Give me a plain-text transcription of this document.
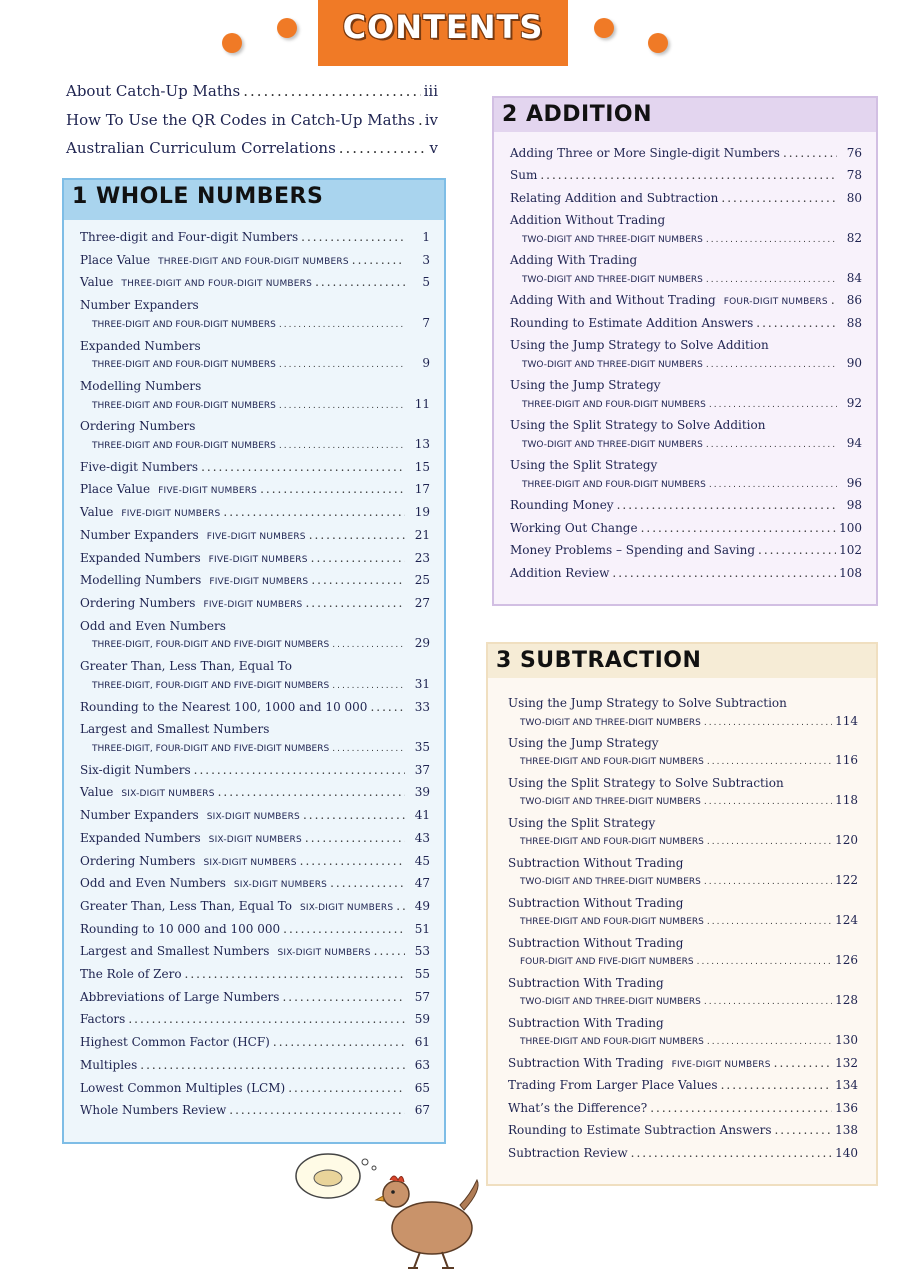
CONTENTS
About Catch-Up Maths .....	iii
How To Use the QR Codes in Catch-Up Maths ..... iv
Australian Curriculum Correlations .....	v
1 WHOLE NUMBERS
Three-digit and Four-digit Numbers .....	1
Place Value THREE-DIGIT AND FOUR-DIGIT NUMBERS .....	3
Value THREE-DIGIT AND FOUR-DIGIT NUMBERS .....	5
Number Expanders
THREE-DIGIT AND FOUR-DIGIT NUMBERS .....	7
Expanded Numbers
THREE-DIGIT AND FOUR-DIGIT NUMBERS .....	9
Modelling Numbers
THREE-DIGIT AND FOUR-DIGIT NUMBERS .....	11
Ordering Numbers
THREE-DIGIT AND FOUR-DIGIT NUMBERS .....	13
Five-digit Numbers .....	15
Place Value FIVE-DIGIT NUMBERS .....	17
Value FIVE-DIGIT NUMBERS .....	19
Number Expanders FIVE-DIGIT NUMBERS .....	21
Expanded Numbers FIVE-DIGIT NUMBERS .....	23
Modelling Numbers FIVE-DIGIT NUMBERS .....	25
Ordering Numbers FIVE-DIGIT NUMBERS .....	27
Odd and Even Numbers
THREE-DIGIT, FOUR-DIGIT AND FIVE-DIGIT NUMBERS .....	29
Greater Than, Less Than, Equal To
THREE-DIGIT, FOUR-DIGIT AND FIVE-DIGIT NUMBERS .....	31
Rounding to the Nearest 100, 1000 and 10 000 .....	33
Largest and Smallest Numbers
THREE-DIGIT, FOUR-DIGIT AND FIVE-DIGIT NUMBERS .....	35
Six-digit Numbers .....	37
Value SIX-DIGIT NUMBERS .....	39
Number Expanders SIX-DIGIT NUMBERS .....	41
Expanded Numbers SIX-DIGIT NUMBERS .....	43
Ordering Numbers SIX-DIGIT NUMBERS .....	45
Odd and Even Numbers SIX-DIGIT NUMBERS .....	47
Greater Than, Less Than, Equal To SIX-DIGIT NUMBERS .....	49
Rounding to 10 000 and 100 000 .....	51
Largest and Smallest Numbers SIX-DIGIT NUMBERS .....	53
The Role of Zero .....	55
Abbreviations of Large Numbers .....	57
Factors .....	59
Highest Common Factor (HCF) .....	61
Multiples .....	63
Lowest Common Multiples (LCM) .....	65
Whole Numbers Review .....	67
2 ADDITION
Adding Three or More Single-digit Numbers .....	76
Sum .....	78
Relating Addition and Subtraction .....	80
Addition Without Trading
TWO-DIGIT AND THREE-DIGIT NUMBERS .....	82
Adding With Trading
TWO-DIGIT AND THREE-DIGIT NUMBERS .....	84
Adding With and Without Trading FOUR-DIGIT NUMBERS .....	86
Rounding to Estimate Addition Answers .....	88
Using the Jump Strategy to Solve Addition
TWO-DIGIT AND THREE-DIGIT NUMBERS .....	90
Using the Jump Strategy
THREE-DIGIT AND FOUR-DIGIT NUMBERS .....	92
Using the Split Strategy to Solve Addition
TWO-DIGIT AND THREE-DIGIT NUMBERS .....	94
Using the Split Strategy
THREE-DIGIT AND FOUR-DIGIT NUMBERS .....	96
Rounding Money .....	98
Working Out Change .....	100
Money Problems – Spending and Saving .....	102
Addition Review .....	108
3 SUBTRACTION
Using the Jump Strategy to Solve Subtraction
TWO-DIGIT AND THREE-DIGIT NUMBERS .....	114
Using the Jump Strategy
THREE-DIGIT AND FOUR-DIGIT NUMBERS .....	116
Using the Split Strategy to Solve Subtraction
TWO-DIGIT AND THREE-DIGIT NUMBERS .....	118
Using the Split Strategy
THREE-DIGIT AND FOUR-DIGIT NUMBERS .....	120
Subtraction Without Trading
TWO-DIGIT AND THREE-DIGIT NUMBERS .....	122
Subtraction Without Trading
THREE-DIGIT AND FOUR-DIGIT NUMBERS .....	124
Subtraction Without Trading
FOUR-DIGIT AND FIVE-DIGIT NUMBERS .....	126
Subtraction With Trading
TWO-DIGIT AND THREE-DIGIT NUMBERS .....	128
Subtraction With Trading
THREE-DIGIT AND FOUR-DIGIT NUMBERS .....	130
Subtraction With Trading FIVE-DIGIT NUMBERS .....	132
Trading From Larger Place Values .....	134
What’s the Difference? .....	136
Rounding to Estimate Subtraction Answers .....	138
Subtraction Review .....	140
